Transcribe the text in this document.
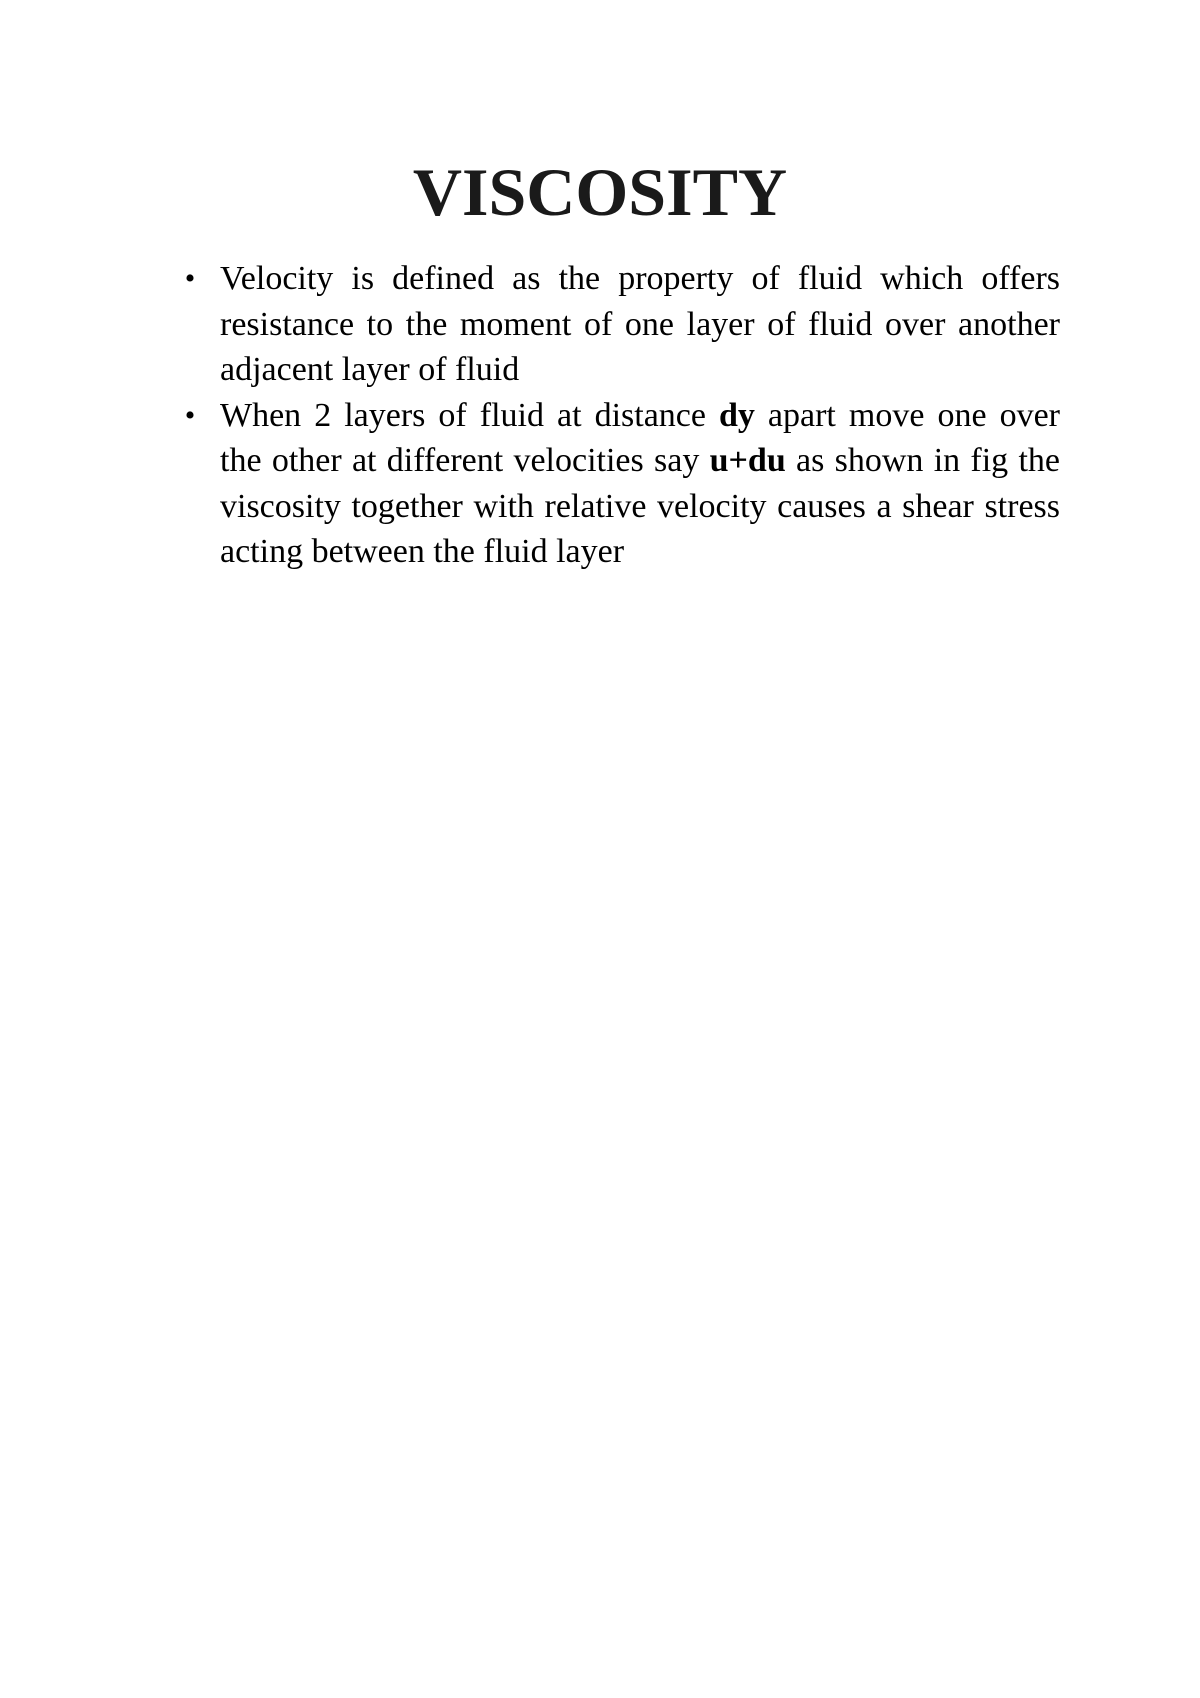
VISCOSITY
• Velocity is defined as the property of fluid which offers resistance to the moment of one layer of fluid over another adjacent layer of fluid
• When 2 layers of fluid at distance dy apart move one over the other at different velocities say u+du as shown in fig the viscosity together with relative velocity causes a shear stress acting between the fluid layer
